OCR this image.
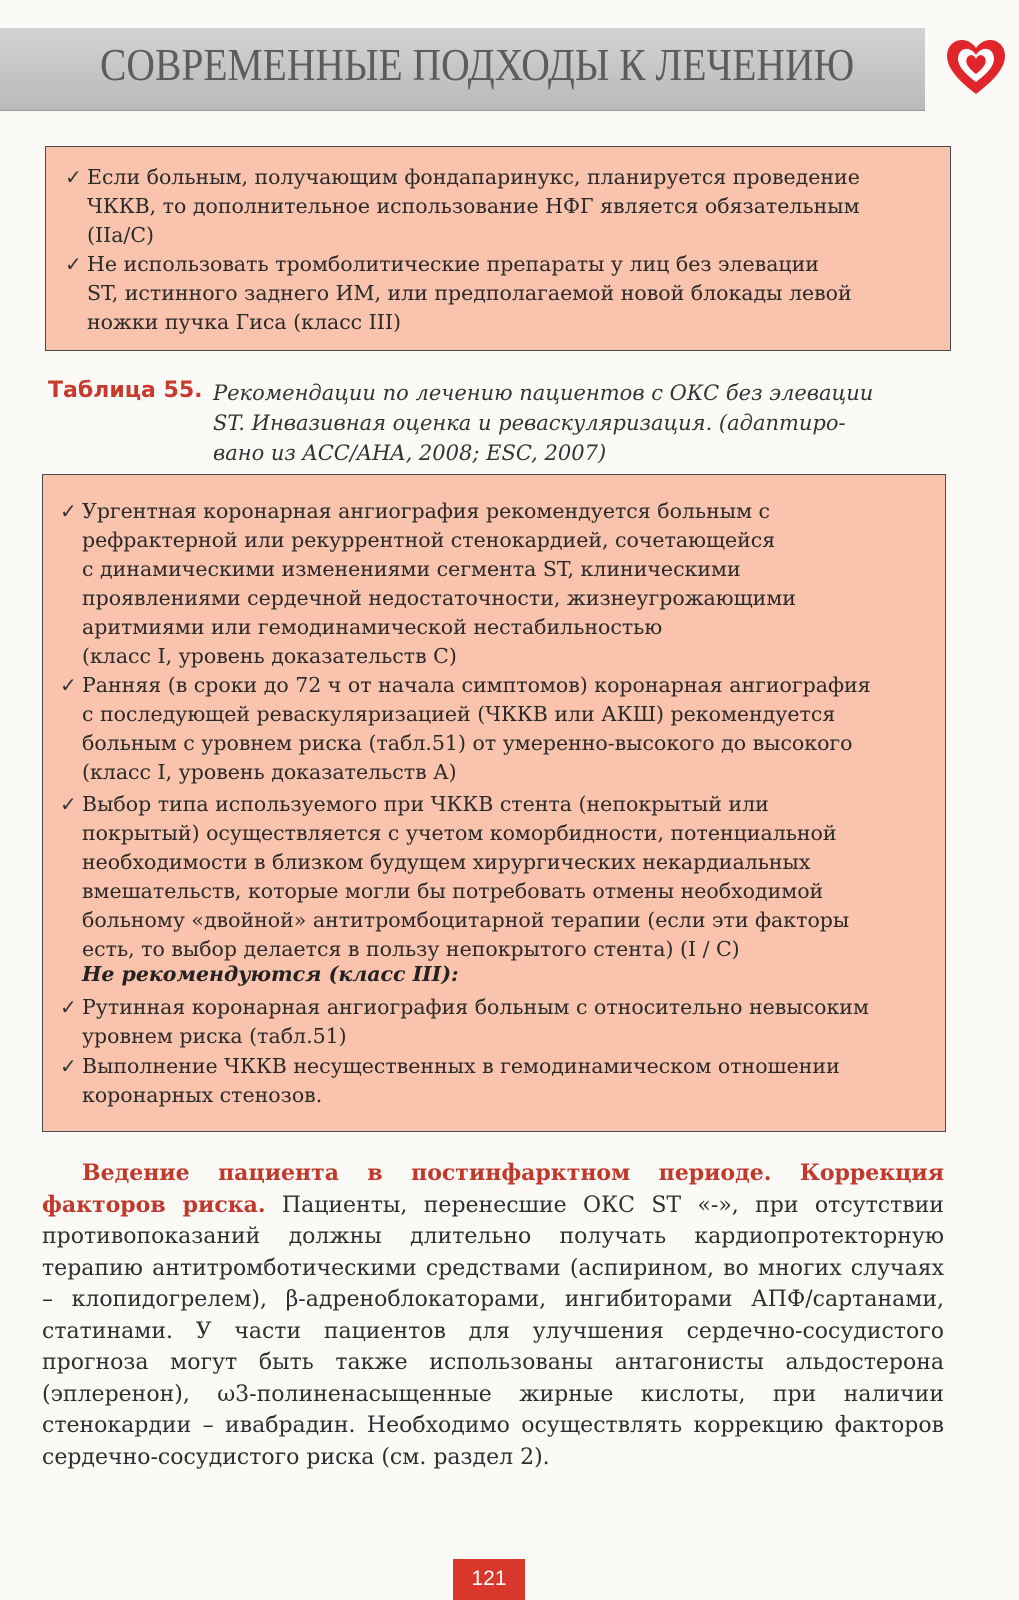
СОВРЕМЕННЫЕ ПОДХОДЫ К ЛЕЧЕНИЮ
✓ Если больным, получающим фондапаринукс, планируется проведение
ЧККВ, то дополнительное использование НФГ является обязательным
(IIa/C)
✓ Не использовать тромболитические препараты у лиц без элевации
ST, истинного заднего ИМ, или предполагаемой новой блокады левой
ножки пучка Гиса (класс III)
Таблица 55. Рекомендации по лечению пациентов с ОКС без элевации
ST. Инвазивная оценка и реваскуляризация. (адаптиро-
вано из ACC/AHA, 2008; ESC, 2007)
✓ Ургентная коронарная ангиография рекомендуется больным с
рефрактерной или рекуррентной стенокардией, сочетающейся
с динамическими изменениями сегмента ST, клиническими
проявлениями сердечной недостаточности, жизнеугрожающими
аритмиями или гемодинамической нестабильностью
(класс I, уровень доказательств С)
✓ Ранняя (в сроки до 72 ч от начала симптомов) коронарная ангиография
с последующей реваскуляризацией (ЧККВ или АКШ) рекомендуется
больным с уровнем риска (табл.51) от умеренно-высокого до высокого
(класс I, уровень доказательств А)
✓ Выбор типа используемого при ЧККВ стента (непокрытый или
покрытый) осуществляется с учетом коморбидности, потенциальной
необходимости в близком будущем хирургических некардиальных
вмешательств, которые могли бы потребовать отмены необходимой
больному «двойной» антитромбоцитарной терапии (если эти факторы
есть, то выбор делается в пользу непокрытого стента) (I / C)
Не рекомендуются (класс III):
✓ Рутинная коронарная ангиография больным с относительно невысоким
уровнем риска (табл.51)
✓ Выполнение ЧККВ несущественных в гемодинамическом отношении
коронарных стенозов.
Ведение пациента в постинфарктном периоде. Коррекция факторов риска. Пациенты, перенесшие ОКС ST «-», при отсутствии противопоказаний должны длительно получать кардиопротекторную терапию антитромботическими средствами (аспирином, во многих случаях – клопидогрелем), β-адреноблокаторами, ингибиторами АПФ/сартанами, статинами. У части пациентов для улучшения сердечно-сосудистого прогноза могут быть также использованы антагонисты альдостерона (эплеренон), ω3-полиненасыщенные жирные кислоты, при наличии стенокардии – ивабрадин. Необходимо осуществлять коррекцию факторов сердечно-сосудистого риска (см. раздел 2).
121
